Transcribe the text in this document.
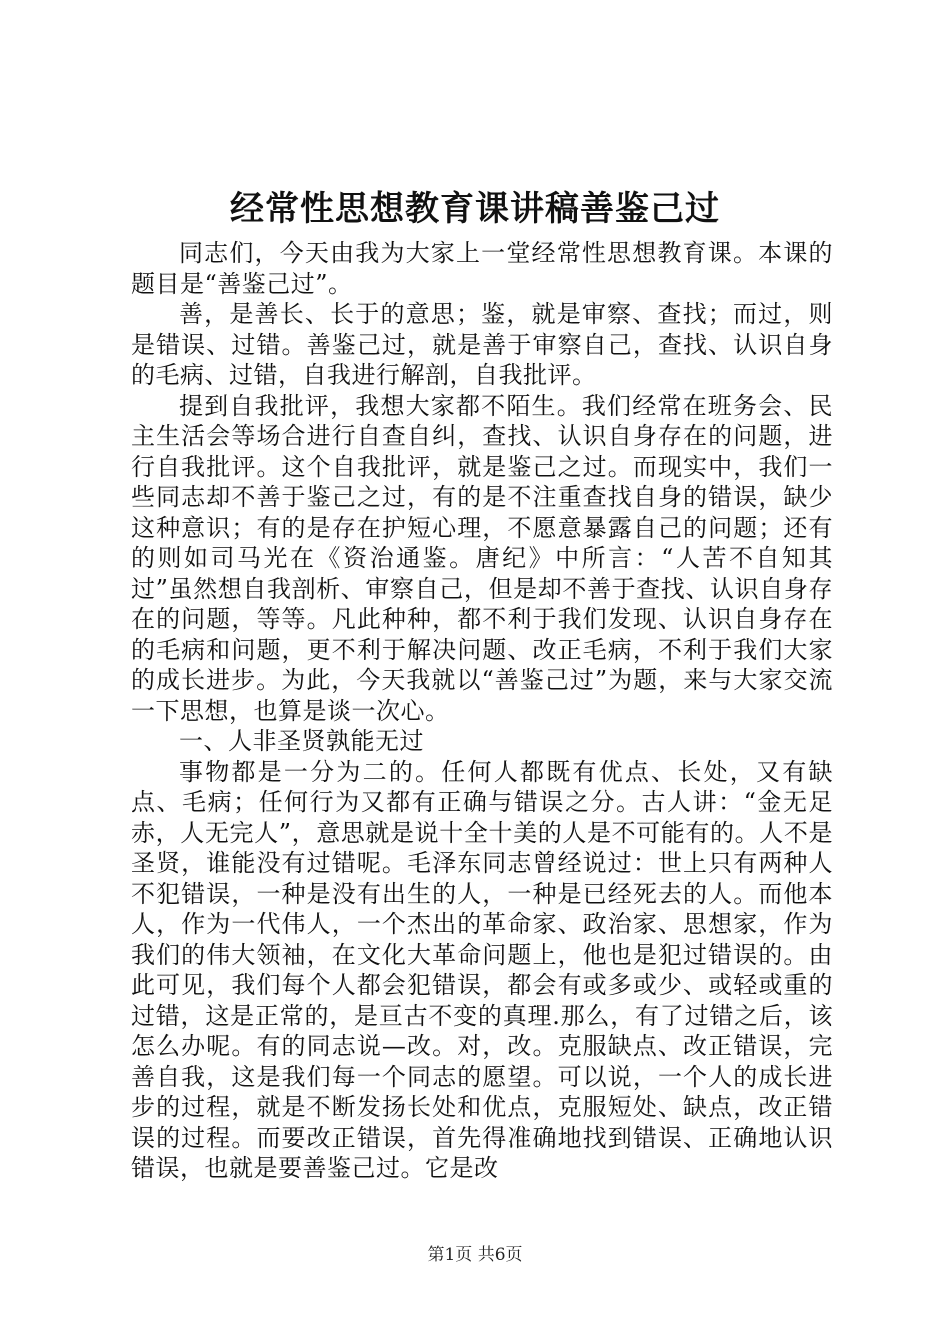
经常性思想教育课讲稿善鉴己过

同志们，今天由我为大家上一堂经常性思想教育课。本课的题目是“善鉴己过”。

善，是善长、长于的意思；鉴，就是审察、查找；而过，则是错误、过错。善鉴己过，就是善于审察自己，查找、认识自身的毛病、过错，自我进行解剖，自我批评。

提到自我批评，我想大家都不陌生。我们经常在班务会、民主生活会等场合进行自查自纠，查找、认识自身存在的问题，进行自我批评。这个自我批评，就是鉴己之过。而现实中，我们一些同志却不善于鉴己之过，有的是不注重查找自身的错误，缺少这种意识；有的是存在护短心理，不愿意暴露自己的问题；还有的则如司马光在《资治通鉴。唐纪》中所言：“人苦不自知其过”虽然想自我剖析、审察自己，但是却不善于查找、认识自身存在的问题，等等。凡此种种，都不利于我们发现、认识自身存在的毛病和问题，更不利于解决问题、改正毛病，不利于我们大家的成长进步。为此，今天我就以“善鉴己过”为题，来与大家交流一下思想，也算是谈一次心。

一、人非圣贤孰能无过

事物都是一分为二的。任何人都既有优点、长处，又有缺点、毛病；任何行为又都有正确与错误之分。古人讲：“金无足赤，人无完人”，意思就是说十全十美的人是不可能有的。人不是圣贤，谁能没有过错呢。毛泽东同志曾经说过：世上只有两种人不犯错误，一种是没有出生的人，一种是已经死去的人。而他本人，作为一代伟人，一个杰出的革命家、政治家、思想家，作为我们的伟大领袖，在文化大革命问题上，他也是犯过错误的。由此可见，我们每个人都会犯错误，都会有或多或少、或轻或重的过错，这是正常的，是亘古不变的真理.那么，有了过错之后，该怎么办呢。有的同志说—改。对，改。克服缺点、改正错误，完善自我，这是我们每一个同志的愿望。可以说，一个人的成长进步的过程，就是不断发扬长处和优点，克服短处、缺点，改正错误的过程。而要改正错误，首先得准确地找到错误、正确地认识错误，也就是要善鉴己过。它是改

第1页 共6页
